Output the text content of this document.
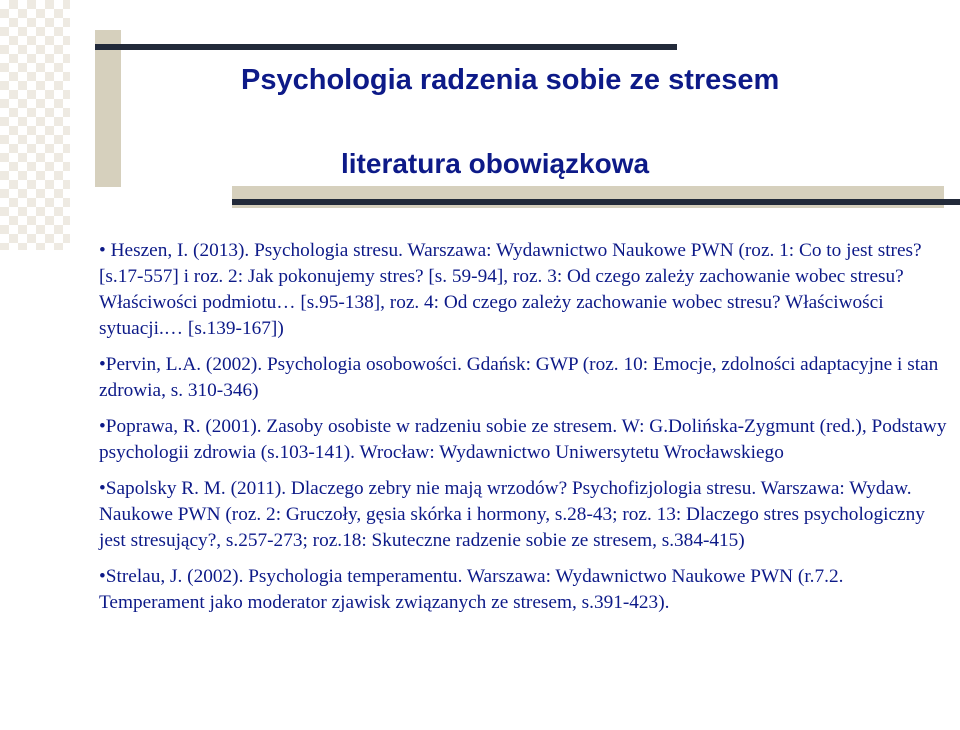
Psychologia radzenia sobie ze stresem
literatura obowiązkowa

• Heszen, I. (2013). Psychologia stresu. Warszawa: Wydawnictwo Naukowe PWN (roz. 1: Co to jest stres? [s.17-557] i roz. 2: Jak pokonujemy stres? [s. 59-94], roz. 3: Od czego zależy zachowanie wobec stresu? Właściwości podmiotu… [s.95-138], roz. 4: Od czego zależy zachowanie wobec stresu? Właściwości sytuacji.… [s.139-167])

•Pervin, L.A. (2002). Psychologia osobowości. Gdańsk: GWP (roz. 10: Emocje, zdolności adaptacyjne i stan zdrowia, s. 310-346)

•Poprawa, R. (2001). Zasoby osobiste w radzeniu sobie ze stresem. W: G.Dolińska-Zygmunt (red.), Podstawy psychologii zdrowia (s.103-141). Wrocław: Wydawnictwo Uniwersytetu Wrocławskiego

•Sapolsky R. M. (2011). Dlaczego zebry nie mają wrzodów? Psychofizjologia stresu. Warszawa: Wydaw. Naukowe PWN (roz. 2: Gruczoły, gęsia skórka i hormony, s.28-43; roz. 13: Dlaczego stres psychologiczny jest stresujący?, s.257-273; roz.18: Skuteczne radzenie sobie ze stresem, s.384-415)

•Strelau, J. (2002). Psychologia temperamentu. Warszawa: Wydawnictwo Naukowe PWN (r.7.2. Temperament jako moderator zjawisk związanych ze stresem, s.391-423).
